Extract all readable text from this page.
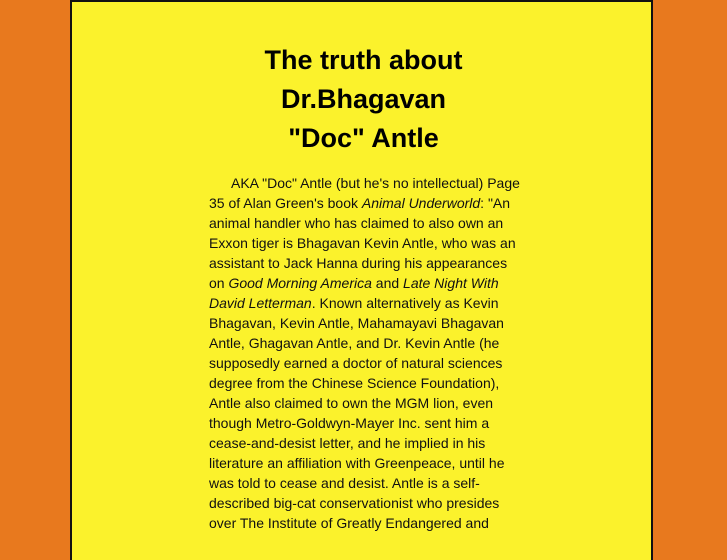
The truth about
Dr.Bhagavan
"Doc" Antle

AKA "Doc" Antle (but he's no intellectual) Page 35 of Alan Green's book Animal Underworld: "An animal handler who has claimed to also own an Exxon tiger is Bhagavan Kevin Antle, who was an assistant to Jack Hanna during his appearances on Good Morning America and Late Night With David Letterman. Known alternatively as Kevin Bhagavan, Kevin Antle, Mahamayavi Bhagavan Antle, Ghagavan Antle, and Dr. Kevin Antle (he supposedly earned a doctor of natural sciences degree from the Chinese Science Foundation), Antle also claimed to own the MGM lion, even though Metro-Goldwyn-Mayer Inc. sent him a cease-and-desist letter, and he implied in his literature an affiliation with Greenpeace, until he was told to cease and desist. Antle is a self-described big-cat conservationist who presides over The Institute of Greatly Endangered and
